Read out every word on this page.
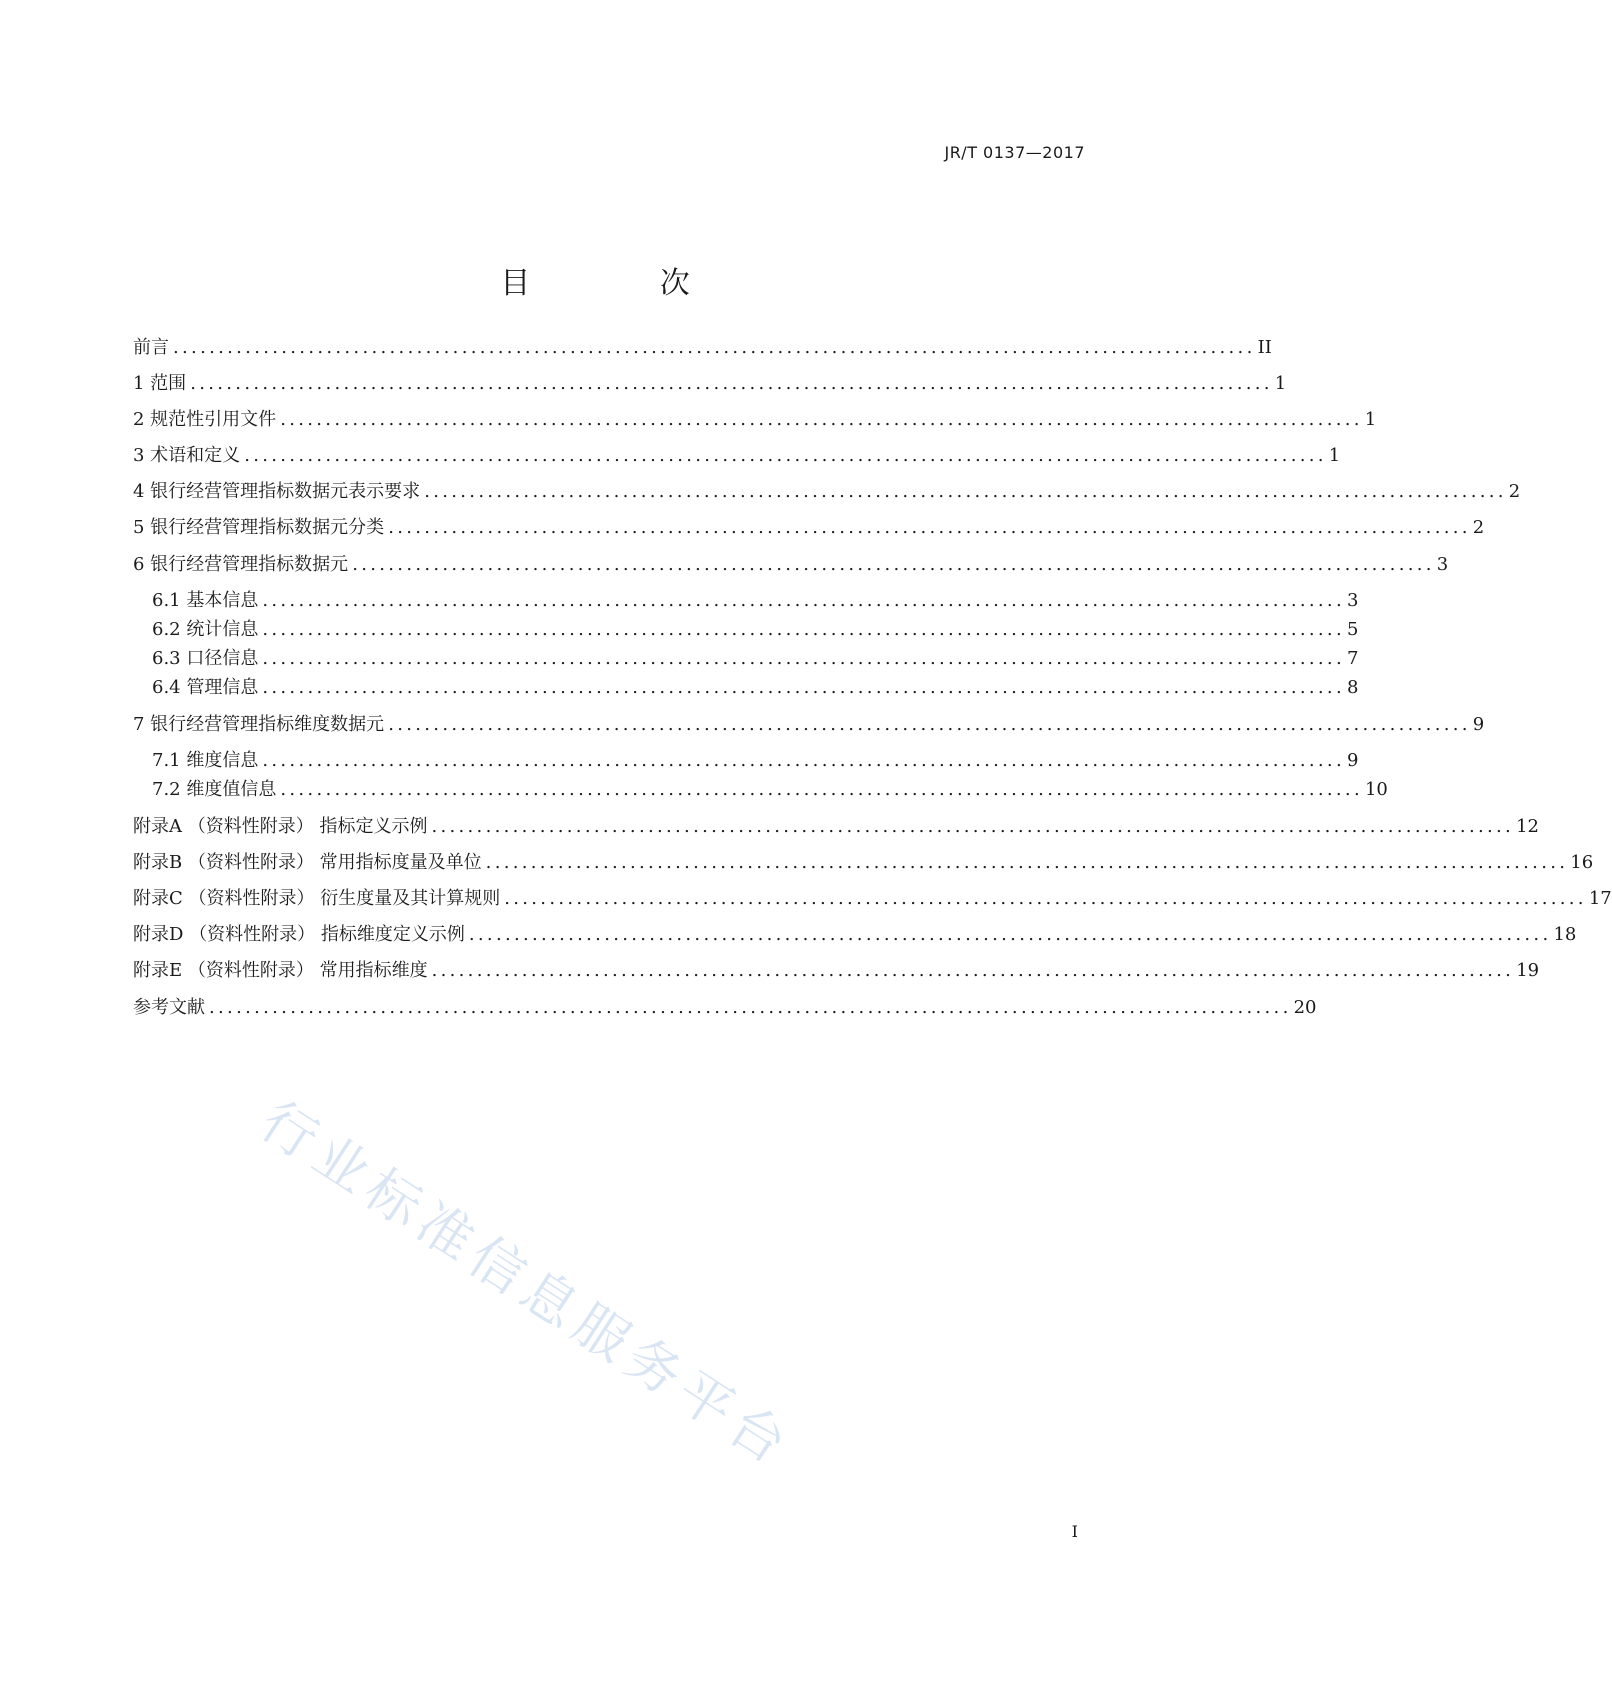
JR/T 0137—2017
目 次
前言 ........................................................................................................................ II
1 范围 ........................................................................................................................ 1
2 规范性引用文件 ........................................................................................................................ 1
3 术语和定义 ........................................................................................................................ 1
4 银行经营管理指标数据元表示要求 ........................................................................................................................ 2
5 银行经营管理指标数据元分类 ........................................................................................................................ 2
6 银行经营管理指标数据元 ........................................................................................................................ 3
6.1 基本信息 ........................................................................................................................ 3
6.2 统计信息 ........................................................................................................................ 5
6.3 口径信息 ........................................................................................................................ 7
6.4 管理信息 ........................................................................................................................ 8
7 银行经营管理指标维度数据元 ........................................................................................................................ 9
7.1 维度信息 ........................................................................................................................ 9
7.2 维度值信息 ........................................................................................................................ 10
附录A （资料性附录） 指标定义示例 ........................................................................................................................ 12
附录B （资料性附录） 常用指标度量及单位 ........................................................................................................................ 16
附录C （资料性附录） 衍生度量及其计算规则 ........................................................................................................................ 17
附录D （资料性附录） 指标维度定义示例 ........................................................................................................................ 18
附录E （资料性附录） 常用指标维度 ........................................................................................................................ 19
参考文献 ........................................................................................................................ 20
行业标准信息服务平台
I
